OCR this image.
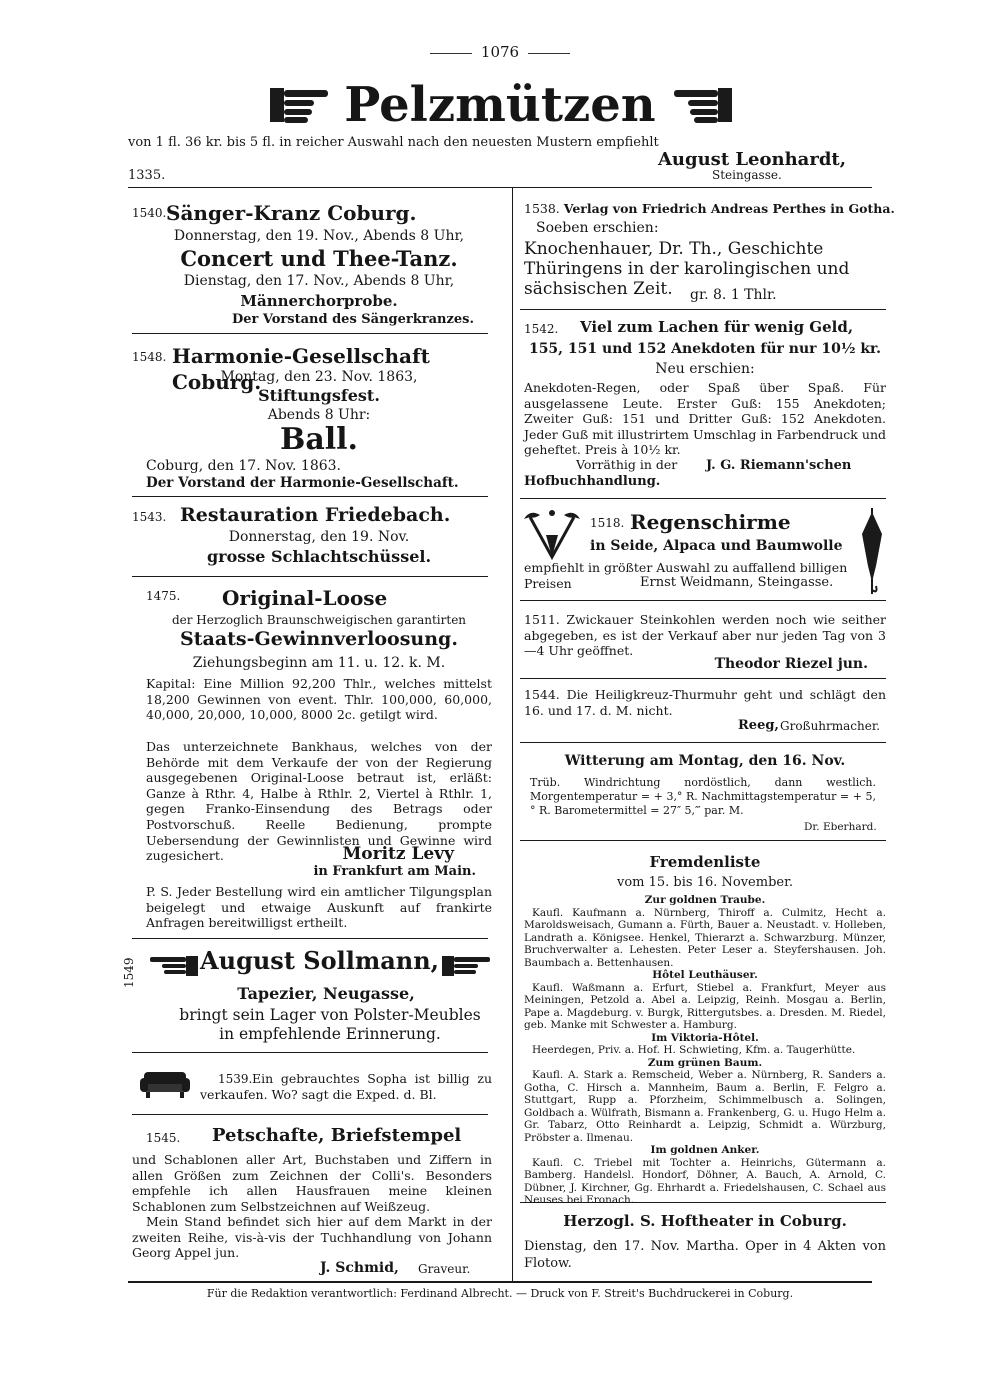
1076
Pelzmützen
von 1 fl. 36 kr. bis 5 fl. in reicher Auswahl nach den neuesten Mustern empfiehlt
August Leonhardt,
1335.	Steingasse.
1540. Sänger-Kranz Coburg.
Donnerstag, den 19. Nov., Abends 8 Uhr,
Concert und Thee-Tanz.
Dienstag, den 17. Nov., Abends 8 Uhr,
Männerchorprobe.
Der Vorstand des Sängerkranzes.
1548. Harmonie-Gesellschaft Coburg.
Montag, den 23. Nov. 1863,
Stiftungsfest.
Abends 8 Uhr:
Ball.
Coburg, den 17. Nov. 1863.
Der Vorstand der Harmonie-Gesellschaft.
1543. Restauration Friedebach.
Donnerstag, den 19. Nov.
grosse Schlachtschüssel.
1475. Original-Loose
der Herzoglich Braunschweigischen garantirten
Staats-Gewinnverloosung.
Ziehungsbeginn am 11. u. 12. k. M.
Kapital: Eine Million 92,200 Thlr., welches mittelst 18,200 Gewinnen von event. Thlr. 100,000, 60,000, 40,000, 20,000, 10,000, 8000 2c. getilgt wird.
Das unterzeichnete Bankhaus, welches von der Behörde mit dem Verkaufe der von der Regierung ausgegebenen Original-Loose betraut ist, erläßt: Ganze à Rthr. 4, Halbe à Rthlr. 2, Viertel à Rthlr. 1, gegen Franko-Einsendung des Betrags oder Postvorschuß. Reelle Bedienung, prompte Uebersendung der Gewinnlisten und Gewinne wird zugesichert.	Moritz Levy
in Frankfurt am Main.
P. S. Jeder Bestellung wird ein amtlicher Tilgungsplan beigelegt und etwaige Auskunft auf frankirte Anfragen bereitwilligst ertheilt.
1549	August Sollmann,
Tapezier, Neugasse,
bringt sein Lager von Polster-Meubles in empfehlende Erinnerung.
1539. Ein gebrauchtes Sopha ist billig zu verkaufen. Wo? sagt die Exped. d. Bl.
1545. Petschafte, Briefstempel
und Schablonen aller Art, Buchstaben und Ziffern in allen Größen zum Zeichnen der Colli's. Besonders empfehle ich allen Hausfrauen meine kleinen Schablonen zum Selbstzeichnen auf Weißzeug.
Mein Stand befindet sich hier auf dem Markt in der zweiten Reihe, vis-à-vis der Tuchhandlung von Johann Georg Appel jun.
J. Schmid, Graveur.
1538. Verlag von Friedrich Andreas Perthes in Gotha.
Soeben erschien:
Knochenhauer, Dr. Th., Geschichte Thüringens in der karolingischen und sächsischen Zeit.	gr. 8. 1 Thlr.
1542. Viel zum Lachen für wenig Geld,
155, 151 und 152 Anekdoten für nur 10½ kr.
Neu erschien:
Anekdoten-Regen, oder Spaß über Spaß. Für ausgelassene Leute. Erster Guß: 155 Anekdoten; Zweiter Guß: 151 und Dritter Guß: 152 Anekdoten. Jeder Guß mit illustrirtem Umschlag in Farbendruck und geheftet. Preis à 10½ kr.
Vorräthig in der	J. G. Riemann'schen Hofbuchhandlung.
1518. Regenschirme
in Seide, Alpaca und Baumwolle
empfiehlt in größter Auswahl zu auffallend billigen Preisen	Ernst Weidmann, Steingasse.
1511. Zwickauer Steinkohlen werden noch wie seither abgegeben, es ist der Verkauf aber nur jeden Tag von 3—4 Uhr geöffnet.
Theodor Riezel jun.
1544. Die Heiligkreuz-Thurmuhr geht und schlägt den 16. und 17. d. M. nicht.
Reeg, Großuhrmacher.
Witterung am Montag, den 16. Nov.
Trüb. Windrichtung nordöstlich, dann westlich. Morgentemperatur = + 3,° R. Nachmittagstemperatur = + 5,° R. Barometermittel = 27″ 5,‴ par. M.
Dr. Eberhard.
Fremdenliste
vom 15. bis 16. November.
Zur goldnen Traube.
Kaufl. Kaufmann a. Nürnberg, Thiroff a. Culmitz, Hecht a. Maroldsweisach, Gumann a. Fürth, Bauer a. Neustadt. v. Holleben, Landrath a. Königsee. Henkel, Thierarzt a. Schwarzburg. Münzer, Bruchverwalter a. Lehesten. Peter Leser a. Steyfershausen. Joh. Baumbach a. Bettenhausen.
Hôtel Leuthäuser.
Kaufl. Waßmann a. Erfurt, Stiebel a. Frankfurt, Meyer aus Meiningen, Petzold a. Abel a. Leipzig, Reinh. Mosgau a. Berlin, Pape a. Magdeburg. v. Burgk, Rittergutsbes. a. Dresden. M. Riedel, geb. Manke mit Schwester a. Hamburg.
Im Viktoria-Hôtel.
Heerdegen, Priv. a. Hof. H. Schwieting, Kfm. a. Taugerhütte.
Zum grünen Baum.
Kaufl. A. Stark a. Remscheid, Weber a. Nürnberg, R. Sanders a. Gotha, C. Hirsch a. Mannheim, Baum a. Berlin, F. Felgro a. Stuttgart, Rupp a. Pforzheim, Schimmelbusch a. Solingen, Goldbach a. Wülfrath, Bismann a. Frankenberg, G. u. Hugo Helm a. Gr. Tabarz, Otto Reinhardt a. Leipzig, Schmidt a. Würzburg, Pröbster a. Ilmenau.
Im goldnen Anker.
Kaufl. C. Triebel mit Tochter a. Heinrichs, Gütermann a. Bamberg. Handelsl. Hondorf, Döhner, A. Bauch, A. Arnold, C. Dübner, J. Kirchner, Gg. Ehrhardt a. Friedelshausen, C. Schael aus Neuses bei Eronach.
Herzogl. S. Hoftheater in Coburg.
Dienstag, den 17. Nov. Martha. Oper in 4 Akten von Flotow.
Für die Redaktion verantwortlich: Ferdinand Albrecht. — Druck von F. Streit's Buchdruckerei in Coburg.
